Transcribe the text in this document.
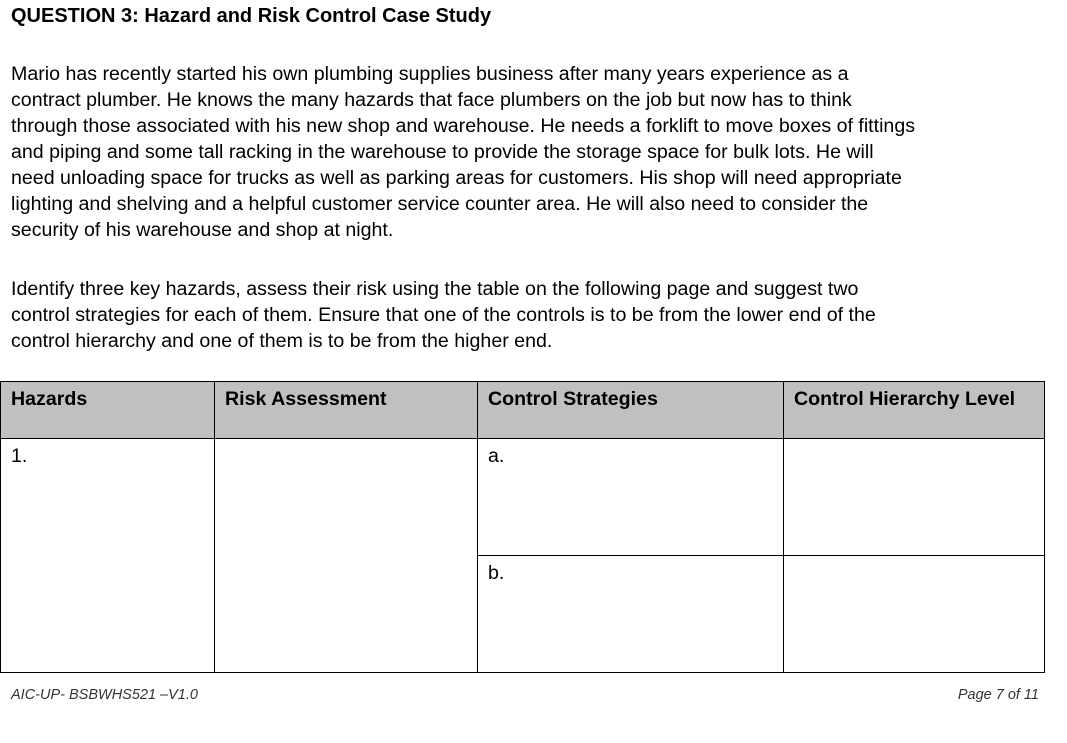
QUESTION 3: Hazard and Risk Control Case Study

Mario has recently started his own plumbing supplies business after many years experience as a
contract plumber. He knows the many hazards that face plumbers on the job but now has to think
through those associated with his new shop and warehouse. He needs a forklift to move boxes of fittings
and piping and some tall racking in the warehouse to provide the storage space for bulk lots. He will
need unloading space for trucks as well as parking areas for customers. His shop will need appropriate
lighting and shelving and a helpful customer service counter area. He will also need to consider the
security of his warehouse and shop at night.

Identify three key hazards, assess their risk using the table on the following page and suggest two
control strategies for each of them. Ensure that one of the controls is to be from the lower end of the
control hierarchy and one of them is to be from the higher end.

Hazards	Risk Assessment	Control Strategies	Control Hierarchy Level
1.		a.	
		b.	
AIC-UP- BSBWHS521 –V1.0	Page 7 of 11
